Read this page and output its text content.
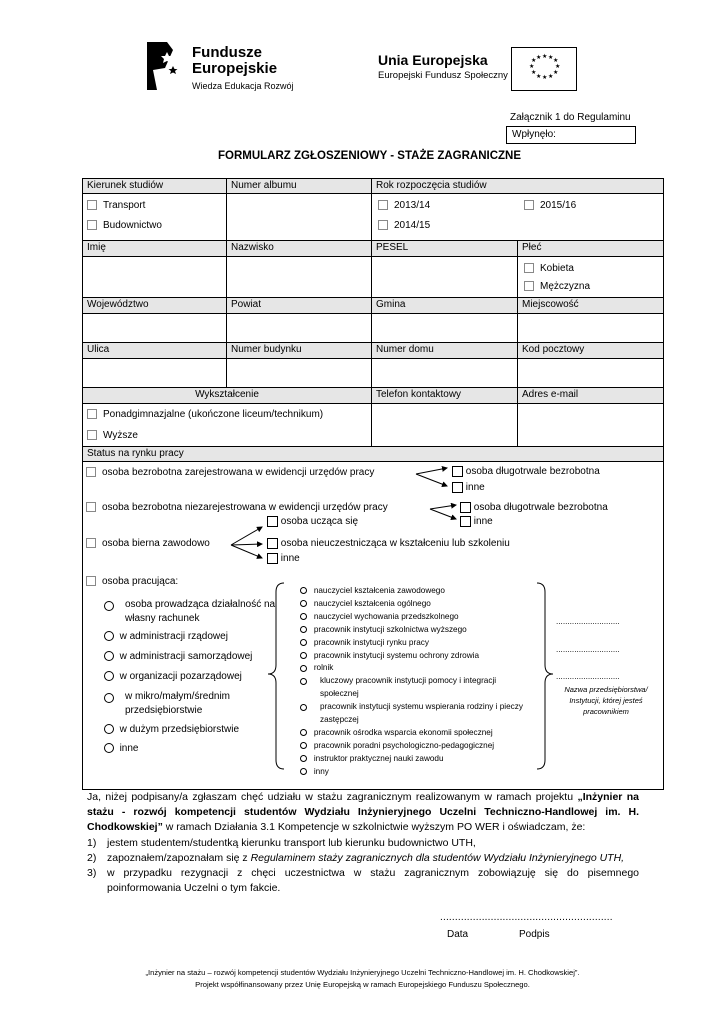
Fundusze
Europejskie
Wiedza Edukacja Rozwój
Unia Europejska
Europejski Fundusz Społeczny
★ ★ ★
★
★
★
★
★
★
★
★ ★
Załącznik 1 do Regulaminu
Wpłynęło:
FORMULARZ ZGŁOSZENIOWY - STAŻE ZAGRANICZNE
Kierunek studiów	Numer albumu	Rok rozpoczęcia studiów
Transport
Budownictwo
2013/14	2015/16
2014/15
Imię	Nazwisko	PESEL	Płeć
Kobieta
Mężczyzna
Województwo	Powiat	Gmina	Miejscowość
Ulica	Numer budynku	Numer domu	Kod pocztowy
Wykształcenie	Telefon kontaktowy	Adres e-mail
Ponadgimnazjalne (ukończone liceum/technikum)
Wyższe
Status na rynku pracy
osoba bezrobotna zarejestrowana w ewidencji urzędów pracy
osoba bezrobotna niezarejestrowana w ewidencji urzędów pracy
osoba bierna zawodowo
osoba długotrwale bezrobotna
inne
osoba długotrwale bezrobotna
inne
osoba ucząca się
osoba nieuczestnicząca w kształceniu lub szkoleniu
inne
osoba pracująca:
osoba prowadząca działalność na własny rachunek
w administracji rządowej
w administracji samorządowej
w organizacji pozarządowej
w mikro/małym/średnim przedsiębiorstwie
w dużym przedsiębiorstwie
inne
nauczyciel kształcenia zawodowego
nauczyciel kształcenia ogólnego
nauczyciel wychowania przedszkolnego
pracownik instytucji szkolnictwa wyższego
pracownik instytucji rynku pracy
pracownik instytucji systemu ochrony zdrowia
rolnik
kluczowy pracownik instytucji pomocy i integracji społecznej
pracownik instytucji systemu wspierania rodziny i pieczy zastępczej
pracownik ośrodka wsparcia ekonomii społecznej
pracownik poradni psychologiczno-pedagogicznej
instruktor praktycznej nauki zawodu
inny
............................
............................
............................
Nazwa przedsiębiorstwa/ Instytucji, której jesteś pracownikiem
Ja, niżej podpisany/a zgłaszam chęć udziału w stażu zagranicznym realizowanym w ramach projektu „Inżynier na stażu - rozwój kompetencji studentów Wydziału Inżynieryjnego Uczelni Techniczno-Handlowej im. H. Chodkowskiej” w ramach Działania 3.1 Kompetencje w szkolnictwie wyższym PO WER i oświadczam, że:
1) jestem studentem/studentką kierunku transport lub kierunku budownictwo UTH,
2) zapoznałem/zapoznałam się z Regulaminem staży zagranicznych dla studentów Wydziału Inżynieryjnego UTH,
3) w przypadku rezygnacji z chęci uczestnictwa w stażu zagranicznym zobowiązuję się do pisemnego poinformowania Uczelni o tym fakcie.
..........................................................
Data	Podpis
„Inżynier na stażu – rozwój kompetencji studentów Wydziału Inżynieryjnego Uczelni Techniczno-Handlowej im. H. Chodkowskiej”.
Projekt współfinansowany przez Unię Europejską w ramach Europejskiego Funduszu Społecznego.
